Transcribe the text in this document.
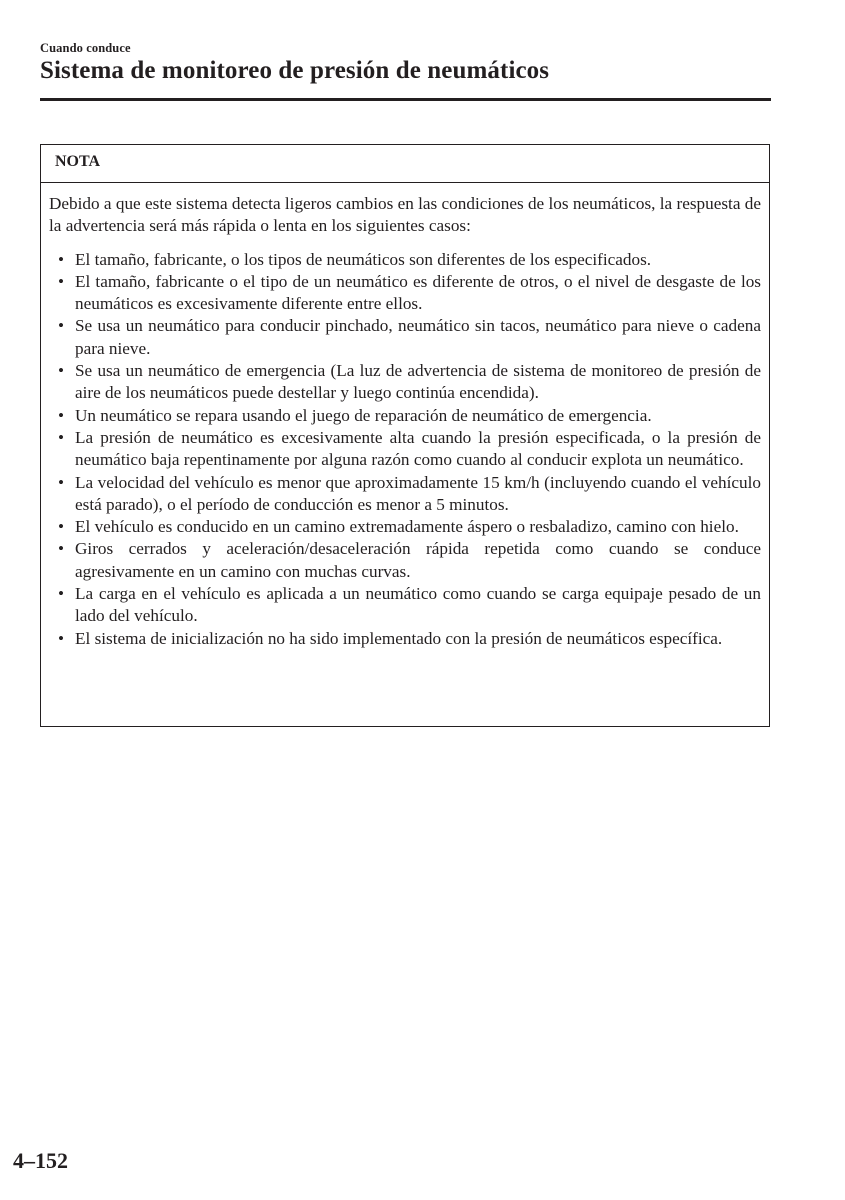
Cuando conduce
Sistema de monitoreo de presión de neumáticos
NOTA

Debido a que este sistema detecta ligeros cambios en las condiciones de los neumáticos, la respuesta de la advertencia será más rápida o lenta en los siguientes casos:

• El tamaño, fabricante, o los tipos de neumáticos son diferentes de los especificados.
• El tamaño, fabricante o el tipo de un neumático es diferente de otros, o el nivel de desgaste de los neumáticos es excesivamente diferente entre ellos.
• Se usa un neumático para conducir pinchado, neumático sin tacos, neumático para nieve o cadena para nieve.
• Se usa un neumático de emergencia (La luz de advertencia de sistema de monitoreo de presión de aire de los neumáticos puede destellar y luego continúa encendida).
• Un neumático se repara usando el juego de reparación de neumático de emergencia.
• La presión de neumático es excesivamente alta cuando la presión especificada, o la presión de neumático baja repentinamente por alguna razón como cuando al conducir explota un neumático.
• La velocidad del vehículo es menor que aproximadamente 15 km/h (incluyendo cuando el vehículo está parado), o el período de conducción es menor a 5 minutos.
• El vehículo es conducido en un camino extremadamente áspero o resbaladizo, camino con hielo.
• Giros cerrados y aceleración/desaceleración rápida repetida como cuando se conduce agresivamente en un camino con muchas curvas.
• La carga en el vehículo es aplicada a un neumático como cuando se carga equipaje pesado de un lado del vehículo.
• El sistema de inicialización no ha sido implementado con la presión de neumáticos específica.
4–152
